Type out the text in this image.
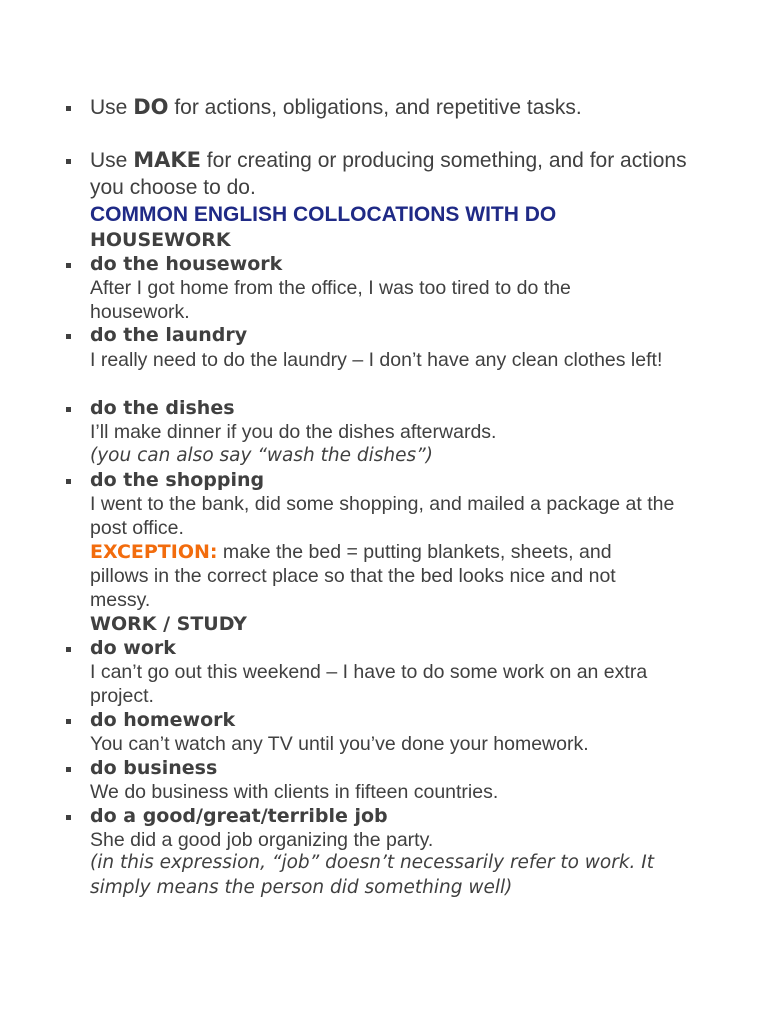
Use DO for actions, obligations, and repetitive tasks.
Use MAKE for creating or producing something, and for actions you choose to do.
COMMON ENGLISH COLLOCATIONS WITH DO
HOUSEWORK
do the housework
After I got home from the office, I was too tired to do the housework.
do the laundry
I really need to do the laundry – I don’t have any clean clothes left!
do the dishes
I’ll make dinner if you do the dishes afterwards.
(you can also say “wash the dishes”)
do the shopping
I went to the bank, did some shopping, and mailed a package at the post office.
EXCEPTION: make the bed = putting blankets, sheets, and pillows in the correct place so that the bed looks nice and not messy.
WORK / STUDY
do work
I can’t go out this weekend – I have to do some work on an extra project.
do homework
You can’t watch any TV until you’ve done your homework.
do business
We do business with clients in fifteen countries.
do a good/great/terrible job
She did a good job organizing the party.
(in this expression, “job” doesn’t necessarily refer to work. It simply means the person did something well)
